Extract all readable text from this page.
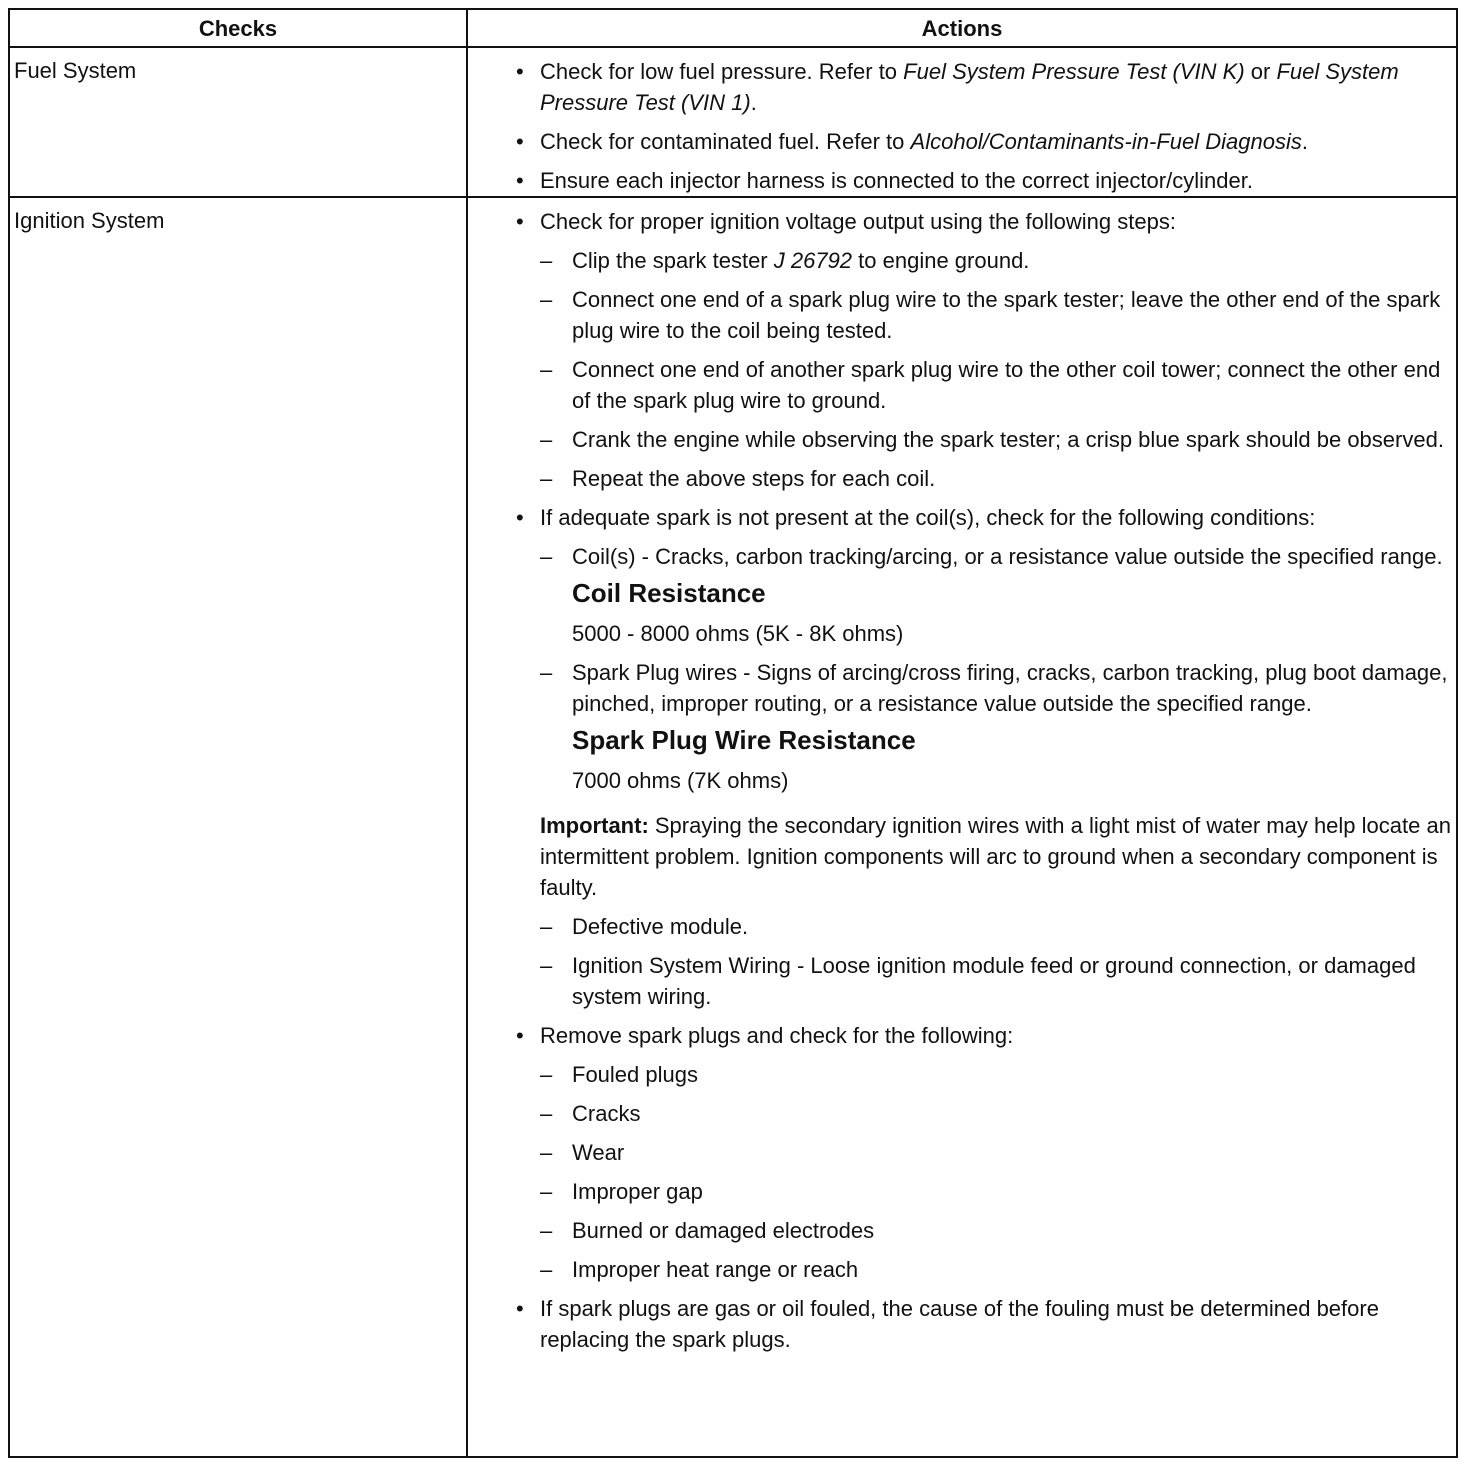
Checks	Actions
Fuel System	• Check for low fuel pressure. Refer to Fuel System Pressure Test (VIN K) or Fuel System Pressure Test (VIN 1).
• Check for contaminated fuel. Refer to Alcohol/Contaminants-in-Fuel Diagnosis.
• Ensure each injector harness is connected to the correct injector/cylinder.
Ignition System	• Check for proper ignition voltage output using the following steps:
– Clip the spark tester J 26792 to engine ground.
– Connect one end of a spark plug wire to the spark tester; leave the other end of the spark plug wire to the coil being tested.
– Connect one end of another spark plug wire to the other coil tower; connect the other end of the spark plug wire to ground.
– Crank the engine while observing the spark tester; a crisp blue spark should be observed.
– Repeat the above steps for each coil.
• If adequate spark is not present at the coil(s), check for the following conditions:
– Coil(s) - Cracks, carbon tracking/arcing, or a resistance value outside the specified range.
Coil Resistance
5000 - 8000 ohms (5K - 8K ohms)
– Spark Plug wires - Signs of arcing/cross firing, cracks, carbon tracking, plug boot damage, pinched, improper routing, or a resistance value outside the specified range.
Spark Plug Wire Resistance
7000 ohms (7K ohms)
Important: Spraying the secondary ignition wires with a light mist of water may help locate an intermittent problem. Ignition components will arc to ground when a secondary component is faulty.
– Defective module.
– Ignition System Wiring - Loose ignition module feed or ground connection, or damaged system wiring.
• Remove spark plugs and check for the following:
– Fouled plugs
– Cracks
– Wear
– Improper gap
– Burned or damaged electrodes
– Improper heat range or reach
• If spark plugs are gas or oil fouled, the cause of the fouling must be determined before replacing the spark plugs.
